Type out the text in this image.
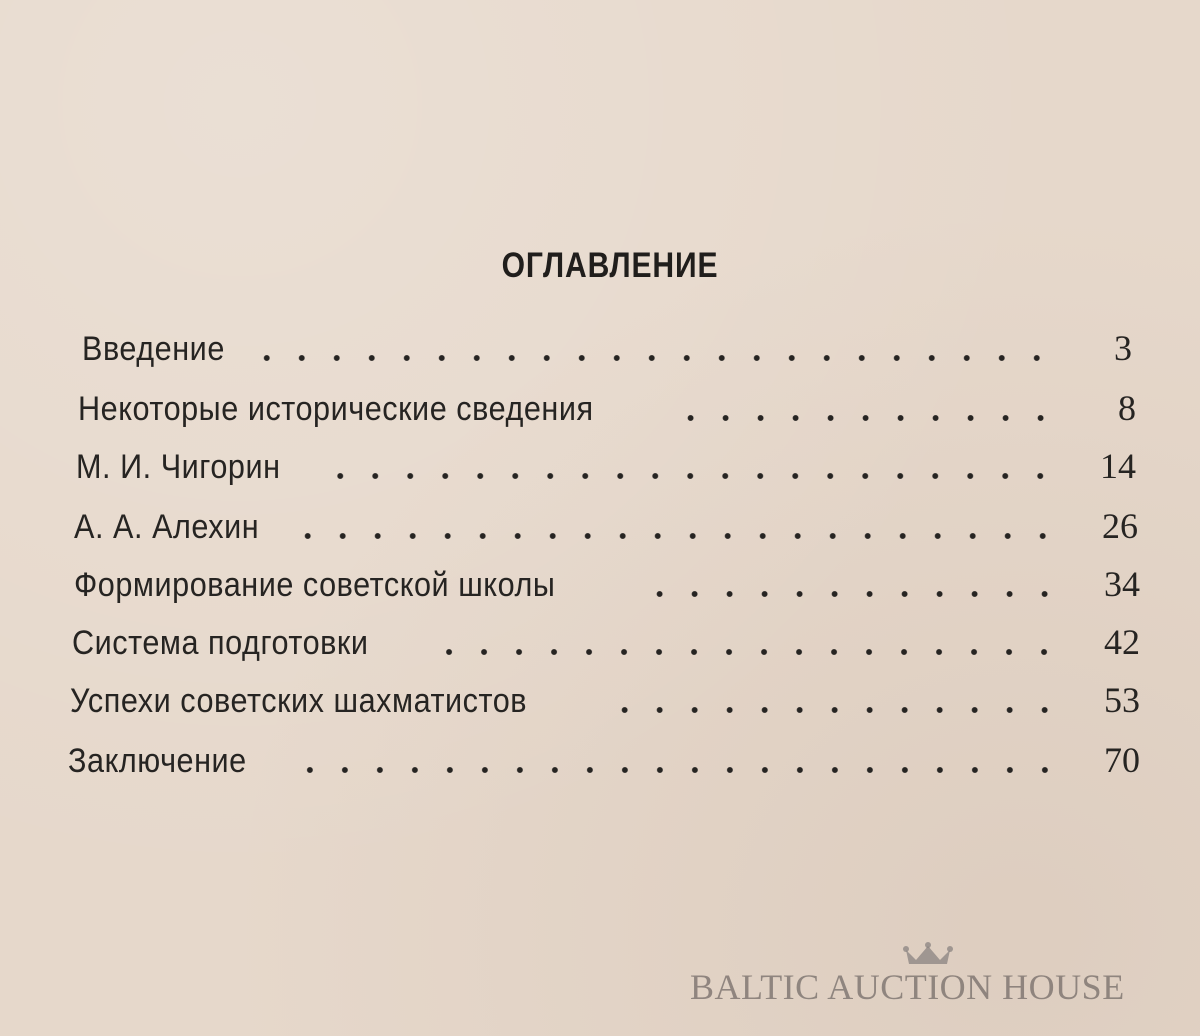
ОГЛАВЛЕНИЕ
Введение	3
Некоторые исторические сведения	8
М. И. Чигорин	14
А. А. Алехин	26
Формирование советской школы	34
Система подготовки	42
Успехи советских шахматистов	53
Заключение	70
BALTIC AUCTION HOUSE
